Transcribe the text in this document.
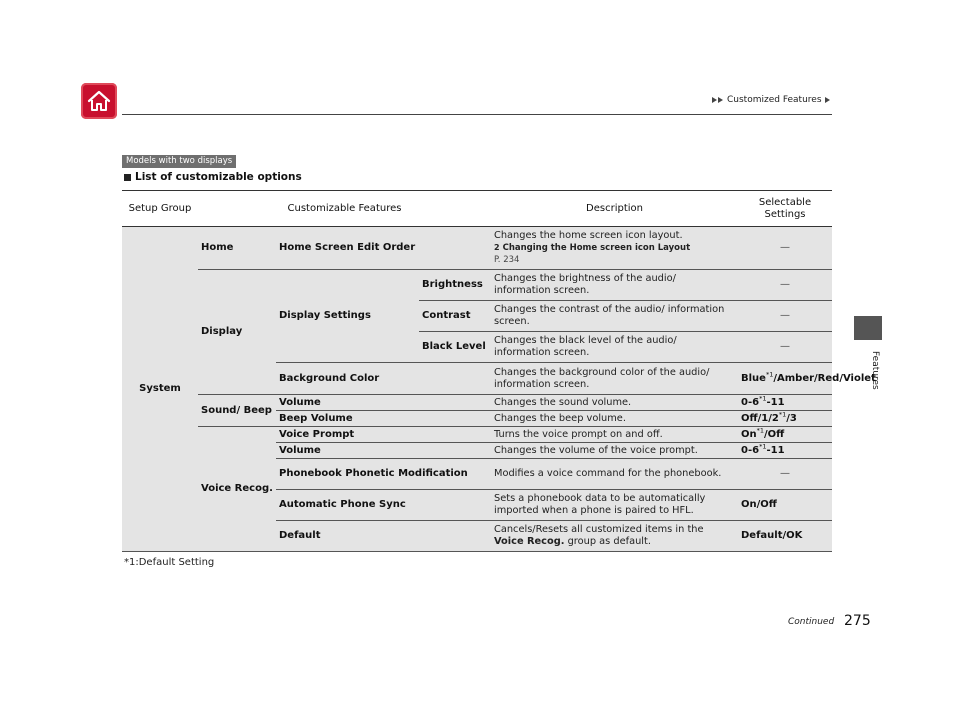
Customized Features
Features
Models with two displays
List of customizable options
Setup Group	Customizable Features			Description	Selectable Settings
System	Home	Home Screen Edit Order		Changes the home screen icon layout.
2 Changing the Home screen icon Layout
P. 234	—
	Display	Display Settings	Brightness	Changes the brightness of the audio/ information screen.	—
			Contrast	Changes the contrast of the audio/ information screen.	—
			Black Level	Changes the black level of the audio/ information screen.	—
		Background Color		Changes the background color of the audio/ information screen.	Blue$^{*1}$/Amber/Red/Violet
	Sound/ Beep	Volume		Changes the sound volume.	0-6$^{*1}$-11
		Beep Volume		Changes the beep volume.	Off/1/2$^{*1}$/3
	Voice Recog.	Voice Prompt		Turns the voice prompt on and off.	On$^{*1}$/Off
		Volume		Changes the volume of the voice prompt.	0-6$^{*1}$-11
		Phonebook Phonetic Modification		Modifies a voice command for the phonebook.	—
		Automatic Phone Sync		Sets a phonebook data to be automatically imported when a phone is paired to HFL.	On/Off
		Default		Cancels/Resets all customized items in the
Voice Recog. group as default.	Default/OK
*1:Default Setting
Continued 275
